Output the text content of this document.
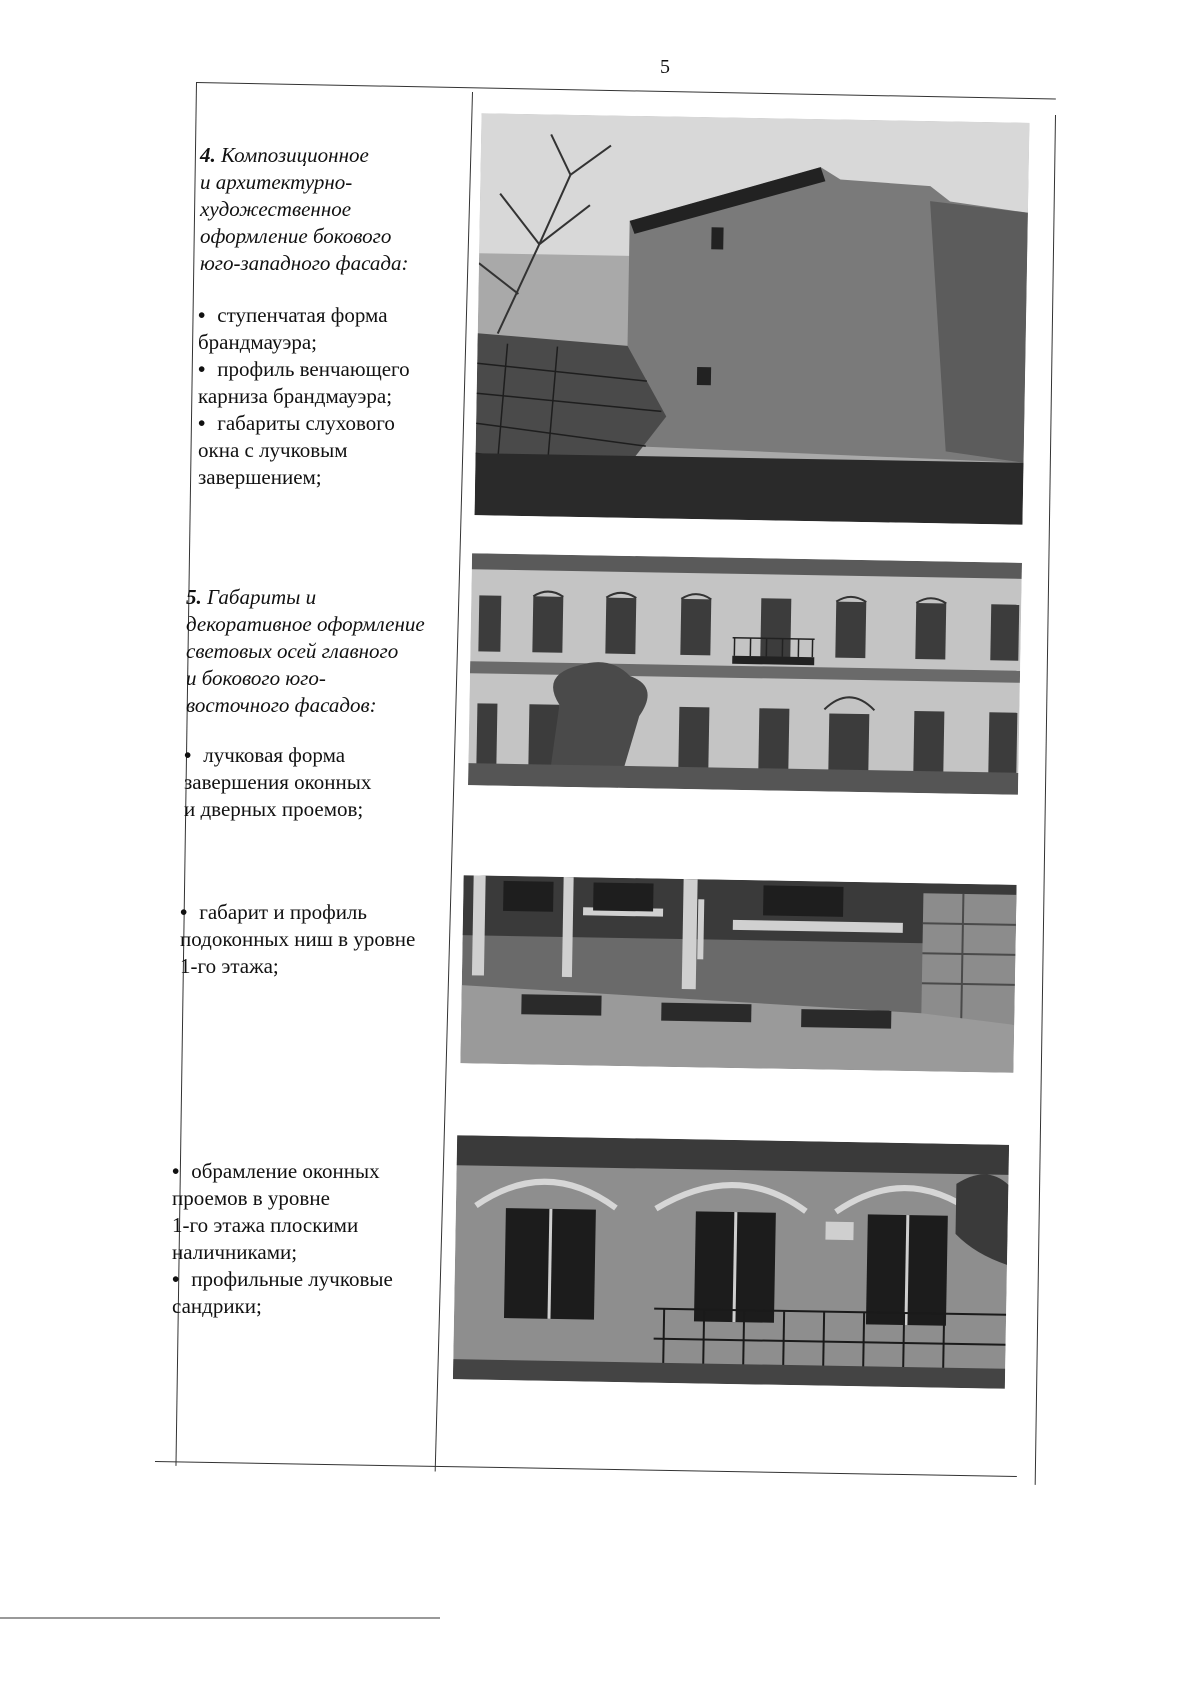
5

4. Композиционное
и архитектурно-
художественное
оформление бокового
юго-западного фасада:

• ступенчатая форма
брандмауэра;
• профиль венчающего
карниза брандмауэра;
• габариты слухового
окна с лучковым
завершением;

5. Габариты и
декоративное оформление
световых осей главного
и бокового юго-
восточного фасадов:

• лучковая форма
завершения оконных
и дверных проемов;
• габарит и профиль
подоконных ниш в уровне
1-го этажа;
• обрамление оконных
проемов в уровне
1-го этажа плоскими
наличниками;
• профильные лучковые
сандрики;
